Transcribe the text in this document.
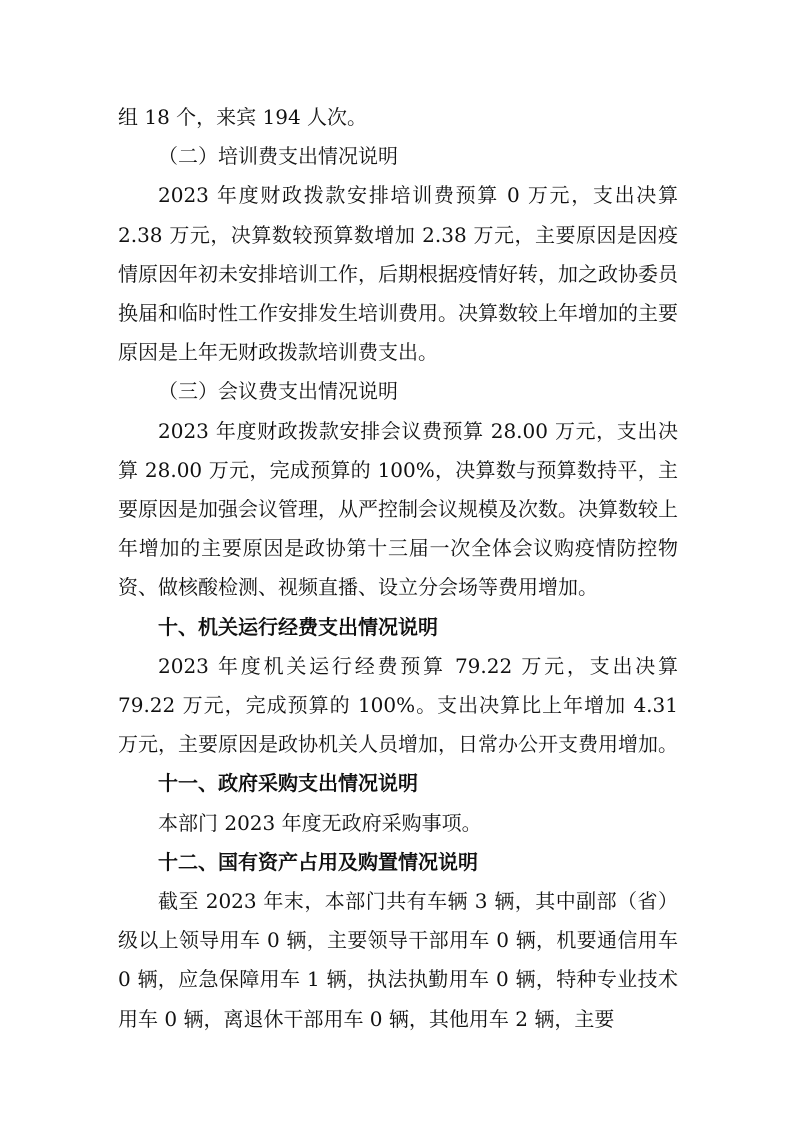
组 18 个，来宾 194 人次。

（二）培训费支出情况说明

2023 年度财政拨款安排培训费预算 0 万元，支出决算 2.38 万元，决算数较预算数增加 2.38 万元，主要原因是因疫情原因年初未安排培训工作，后期根据疫情好转，加之政协委员换届和临时性工作安排发生培训费用。决算数较上年增加的主要原因是上年无财政拨款培训费支出。

（三）会议费支出情况说明

2023 年度财政拨款安排会议费预算 28.00 万元，支出决算 28.00 万元，完成预算的 100%，决算数与预算数持平，主要原因是加强会议管理，从严控制会议规模及次数。决算数较上年增加的主要原因是政协第十三届一次全体会议购疫情防控物资、做核酸检测、视频直播、设立分会场等费用增加。

十、机关运行经费支出情况说明

2023 年度机关运行经费预算 79.22 万元，支出决算 79.22 万元，完成预算的 100%。支出决算比上年增加 4.31 万元，主要原因是政协机关人员增加，日常办公开支费用增加。

十一、政府采购支出情况说明

本部门 2023 年度无政府采购事项。

十二、国有资产占用及购置情况说明

截至 2023 年末，本部门共有车辆 3 辆，其中副部（省）级以上领导用车 0 辆，主要领导干部用车 0 辆，机要通信用车 0 辆，应急保障用车 1 辆，执法执勤用车 0 辆，特种专业技术用车 0 辆，离退休干部用车 0 辆，其他用车 2 辆，主要
